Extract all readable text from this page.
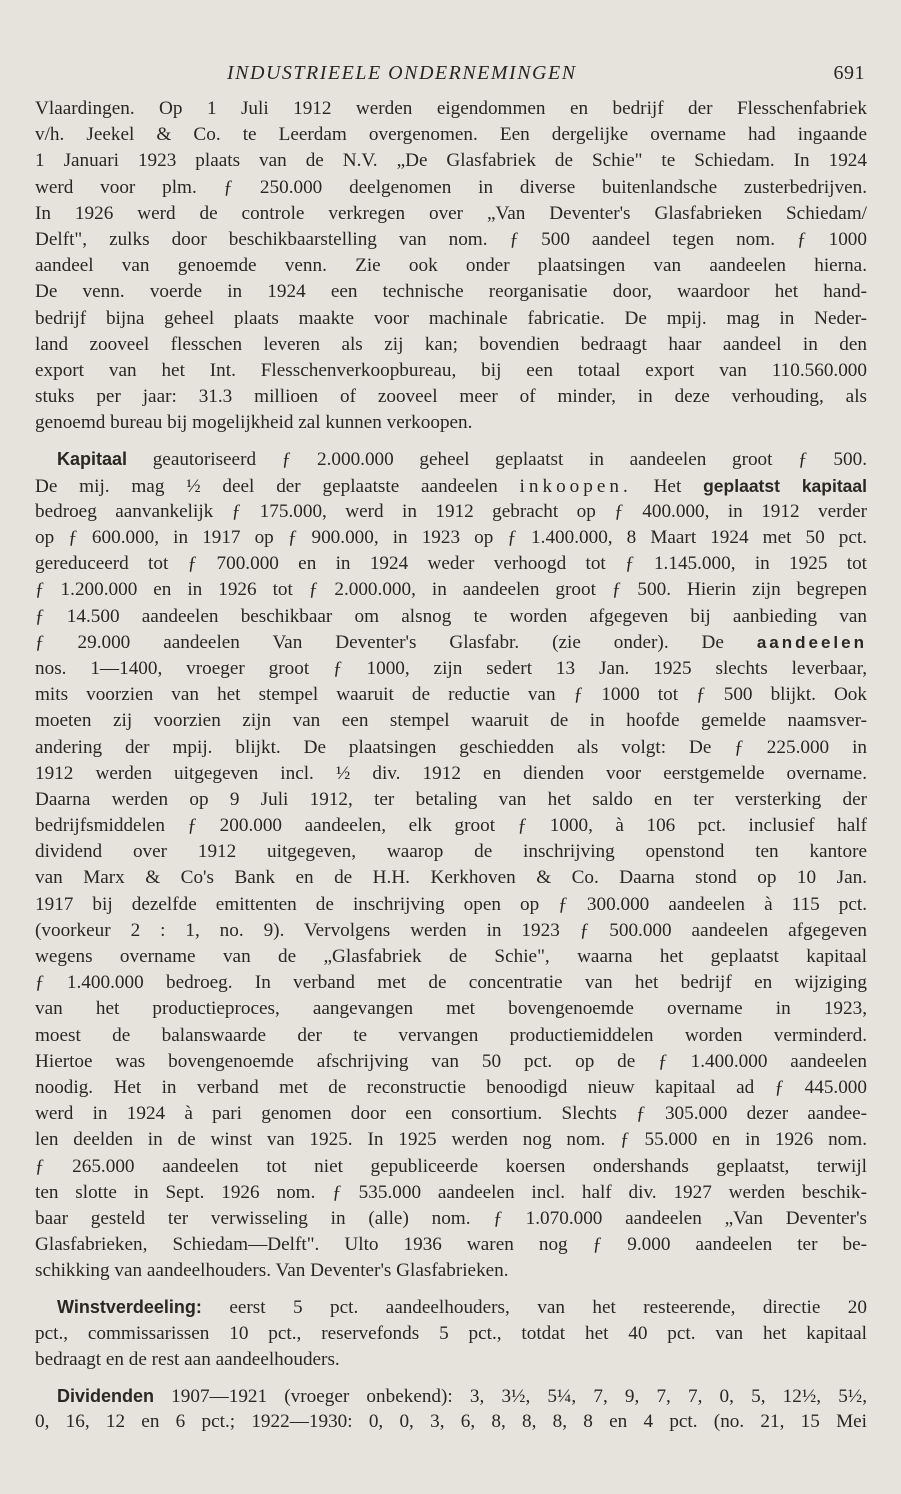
INDUSTRIEELE ONDERNEMINGEN	691
Vlaardingen. Op 1 Juli 1912 werden eigendommen en bedrijf der Flesschenfabriek
v/h. Jeekel & Co. te Leerdam overgenomen. Een dergelijke overname had ingaande
1 Januari 1923 plaats van de N.V. „De Glasfabriek de Schie" te Schiedam. In 1924
werd voor plm. ƒ 250.000 deelgenomen in diverse buitenlandsche zusterbedrijven.
In 1926 werd de controle verkregen over „Van Deventer's Glasfabrieken Schiedam/
Delft", zulks door beschikbaarstelling van nom. ƒ 500 aandeel tegen nom. ƒ 1000
aandeel van genoemde venn. Zie ook onder plaatsingen van aandeelen hierna.
De venn. voerde in 1924 een technische reorganisatie door, waardoor het hand-
bedrijf bijna geheel plaats maakte voor machinale fabricatie. De mpij. mag in Neder-
land zooveel flesschen leveren als zij kan; bovendien bedraagt haar aandeel in den
export van het Int. Flesschenverkoopbureau, bij een totaal export van 110.560.000
stuks per jaar: 31.3 millioen of zooveel meer of minder, in deze verhouding, als
genoemd bureau bij mogelijkheid zal kunnen verkoopen.
Kapitaal geautoriseerd ƒ 2.000.000 geheel geplaatst in aandeelen groot ƒ 500.
De mij. mag ½ deel der geplaatste aandeelen inkoopen. Het geplaatst kapitaal
bedroeg aanvankelijk ƒ 175.000, werd in 1912 gebracht op ƒ 400.000, in 1912 verder
op ƒ 600.000, in 1917 op ƒ 900.000, in 1923 op ƒ 1.400.000, 8 Maart 1924 met 50 pct.
gereduceerd tot ƒ 700.000 en in 1924 weder verhoogd tot ƒ 1.145.000, in 1925 tot
ƒ 1.200.000 en in 1926 tot ƒ 2.000.000, in aandeelen groot ƒ 500. Hierin zijn begrepen
ƒ 14.500 aandeelen beschikbaar om alsnog te worden afgegeven bij aanbieding van
ƒ 29.000 aandeelen Van Deventer's Glasfabr. (zie onder). De aandeelen
nos. 1—1400, vroeger groot ƒ 1000, zijn sedert 13 Jan. 1925 slechts leverbaar,
mits voorzien van het stempel waaruit de reductie van ƒ 1000 tot ƒ 500 blijkt. Ook
moeten zij voorzien zijn van een stempel waaruit de in hoofde gemelde naamsver-
andering der mpij. blijkt. De plaatsingen geschiedden als volgt: De ƒ 225.000 in
1912 werden uitgegeven incl. ½ div. 1912 en dienden voor eerstgemelde overname.
Daarna werden op 9 Juli 1912, ter betaling van het saldo en ter versterking der
bedrijfsmiddelen ƒ 200.000 aandeelen, elk groot ƒ 1000, à 106 pct. inclusief half
dividend over 1912 uitgegeven, waarop de inschrijving openstond ten kantore
van Marx & Co's Bank en de H.H. Kerkhoven & Co. Daarna stond op 10 Jan.
1917 bij dezelfde emittenten de inschrijving open op ƒ 300.000 aandeelen à 115 pct.
(voorkeur 2 : 1, no. 9). Vervolgens werden in 1923 ƒ 500.000 aandeelen afgegeven
wegens overname van de „Glasfabriek de Schie", waarna het geplaatst kapitaal
ƒ 1.400.000 bedroeg. In verband met de concentratie van het bedrijf en wijziging
van het productieproces, aangevangen met bovengenoemde overname in 1923,
moest de balanswaarde der te vervangen productiemiddelen worden verminderd.
Hiertoe was bovengenoemde afschrijving van 50 pct. op de ƒ 1.400.000 aandeelen
noodig. Het in verband met de reconstructie benoodigd nieuw kapitaal ad ƒ 445.000
werd in 1924 à pari genomen door een consortium. Slechts ƒ 305.000 dezer aandee-
len deelden in de winst van 1925. In 1925 werden nog nom. ƒ 55.000 en in 1926 nom.
ƒ 265.000 aandeelen tot niet gepubliceerde koersen ondershands geplaatst, terwijl
ten slotte in Sept. 1926 nom. ƒ 535.000 aandeelen incl. half div. 1927 werden beschik-
baar gesteld ter verwisseling in (alle) nom. ƒ 1.070.000 aandeelen „Van Deventer's
Glasfabrieken, Schiedam—Delft". Ulto 1936 waren nog ƒ 9.000 aandeelen ter be-
schikking van aandeelhouders. Van Deventer's Glasfabrieken.
Winstverdeeling: eerst 5 pct. aandeelhouders, van het resteerende, directie 20
pct., commissarissen 10 pct., reservefonds 5 pct., totdat het 40 pct. van het kapitaal
bedraagt en de rest aan aandeelhouders.
Dividenden 1907—1921 (vroeger onbekend): 3, 3½, 5¼, 7, 9, 7, 7, 0, 5, 12½, 5½,
0, 16, 12 en 6 pct.; 1922—1930: 0, 0, 3, 6, 8, 8, 8, 8 en 4 pct. (no. 21, 15 Mei
